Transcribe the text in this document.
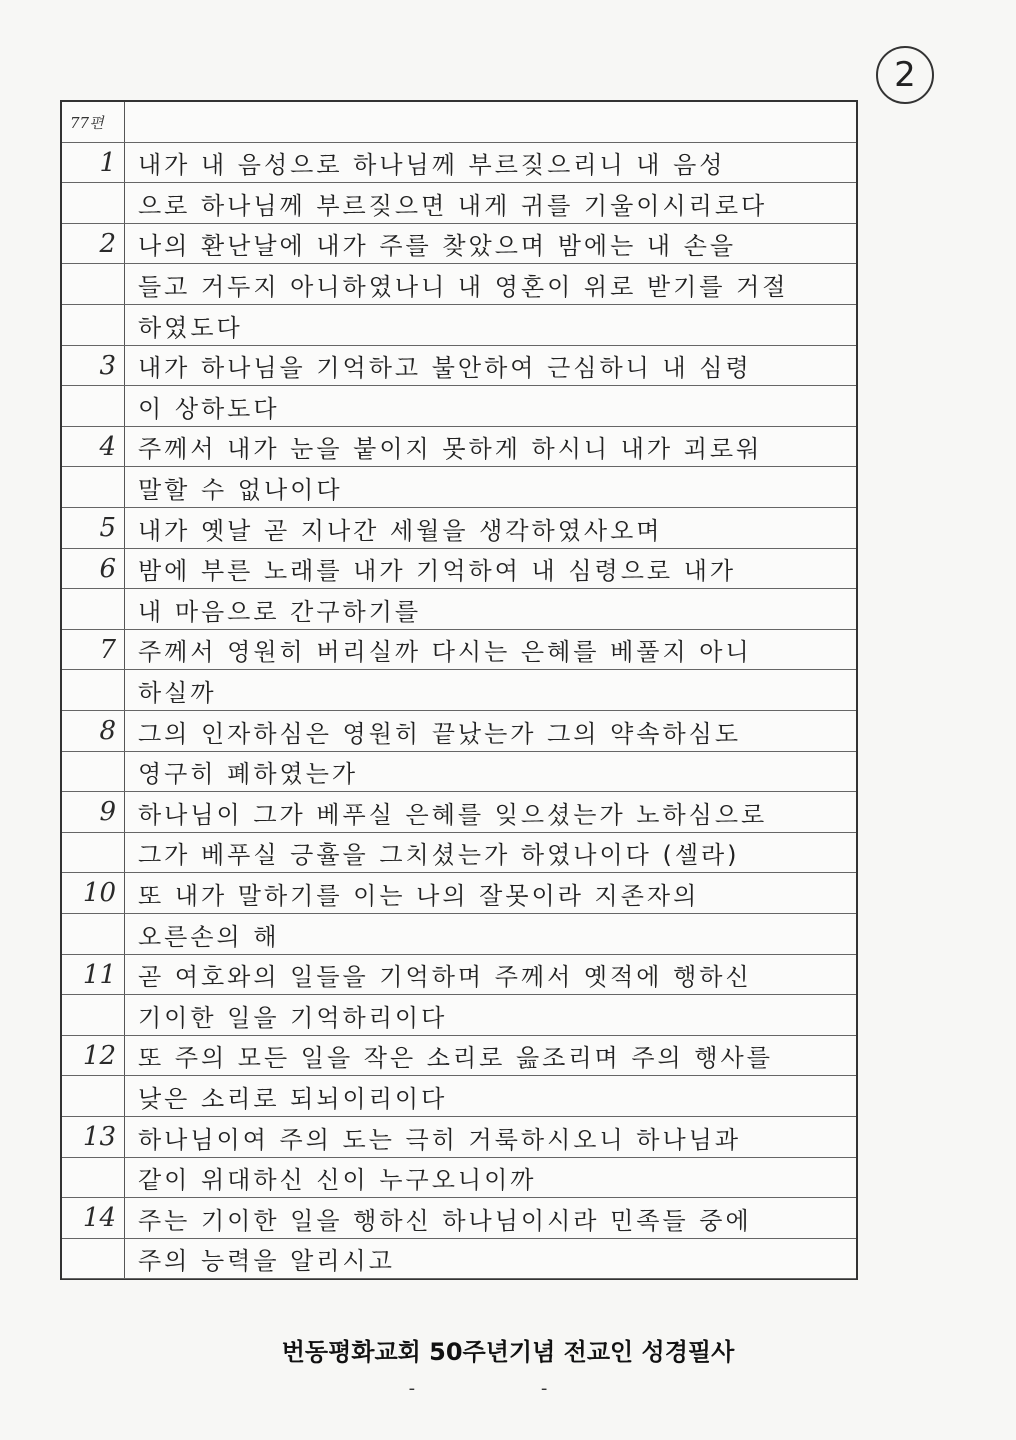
2
77편
1 내가 내 음성으로 하나님께 부르짖으리니 내 음성
으로 하나님께 부르짖으면 내게 귀를 기울이시리로다
2 나의 환난날에 내가 주를 찾았으며 밤에는 내 손을
들고 거두지 아니하였나니 내 영혼이 위로 받기를 거절
하였도다
3 내가 하나님을 기억하고 불안하여 근심하니 내 심령
이 상하도다
4 주께서 내가 눈을 붙이지 못하게 하시니 내가 괴로워
말할 수 없나이다
5 내가 옛날 곧 지나간 세월을 생각하였사오며
6 밤에 부른 노래를 내가 기억하여 내 심령으로 내가
내 마음으로 간구하기를
7 주께서 영원히 버리실까 다시는 은혜를 베풀지 아니
하실까
8 그의 인자하심은 영원히 끝났는가 그의 약속하심도
영구히 폐하였는가
9 하나님이 그가 베푸실 은혜를 잊으셨는가 노하심으로
그가 베푸실 긍휼을 그치셨는가 하였나이다 (셀라)
10 또 내가 말하기를 이는 나의 잘못이라 지존자의
오른손의 해
11 곧 여호와의 일들을 기억하며 주께서 옛적에 행하신
기이한 일을 기억하리이다
12 또 주의 모든 일을 작은 소리로 읊조리며 주의 행사를
낮은 소리로 되뇌이리이다
13 하나님이여 주의 도는 극히 거룩하시오니 하나님과
같이 위대하신 신이 누구오니이까
14 주는 기이한 일을 행하신 하나님이시라 민족들 중에
주의 능력을 알리시고
번동평화교회 50주년기념 전교인 성경필사
- -
